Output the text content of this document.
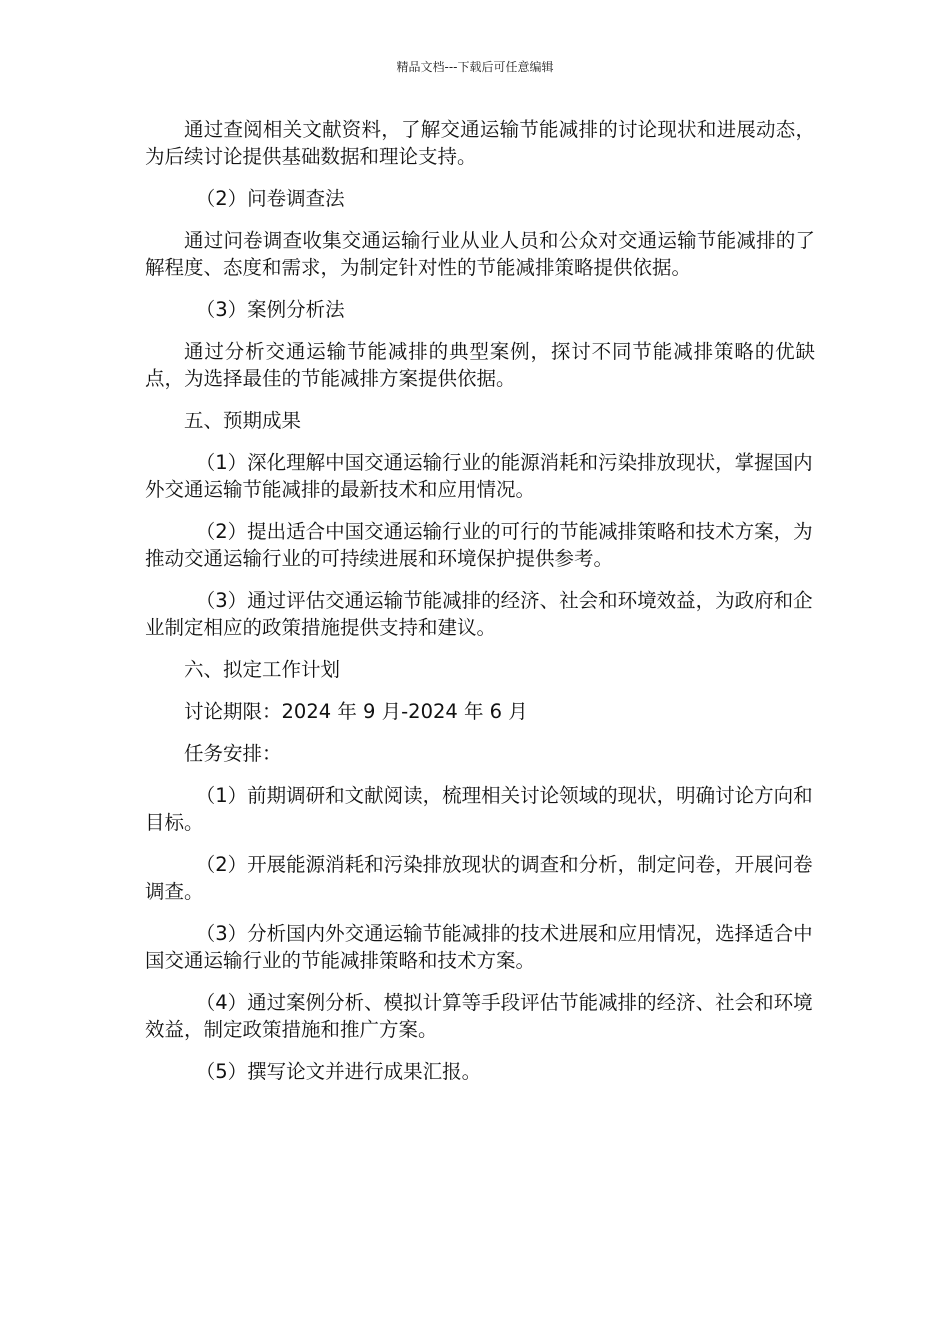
精品文档---下载后可任意编辑

通过查阅相关文献资料，了解交通运输节能减排的讨论现状和进展动态，为后续讨论提供基础数据和理论支持。

（2）问卷调查法

通过问卷调查收集交通运输行业从业人员和公众对交通运输节能减排的了解程度、态度和需求，为制定针对性的节能减排策略提供依据。

（3）案例分析法

通过分析交通运输节能减排的典型案例，探讨不同节能减排策略的优缺点，为选择最佳的节能减排方案提供依据。

五、预期成果

（1）深化理解中国交通运输行业的能源消耗和污染排放现状，掌握国内外交通运输节能减排的最新技术和应用情况。

（2）提出适合中国交通运输行业的可行的节能减排策略和技术方案，为推动交通运输行业的可持续进展和环境保护提供参考。

（3）通过评估交通运输节能减排的经济、社会和环境效益，为政府和企业制定相应的政策措施提供支持和建议。

六、拟定工作计划

讨论期限：2024 年 9 月-2024 年 6 月

任务安排：

（1）前期调研和文献阅读，梳理相关讨论领域的现状，明确讨论方向和目标。

（2）开展能源消耗和污染排放现状的调查和分析，制定问卷，开展问卷调查。

（3）分析国内外交通运输节能减排的技术进展和应用情况，选择适合中国交通运输行业的节能减排策略和技术方案。

（4）通过案例分析、模拟计算等手段评估节能减排的经济、社会和环境效益，制定政策措施和推广方案。

（5）撰写论文并进行成果汇报。
